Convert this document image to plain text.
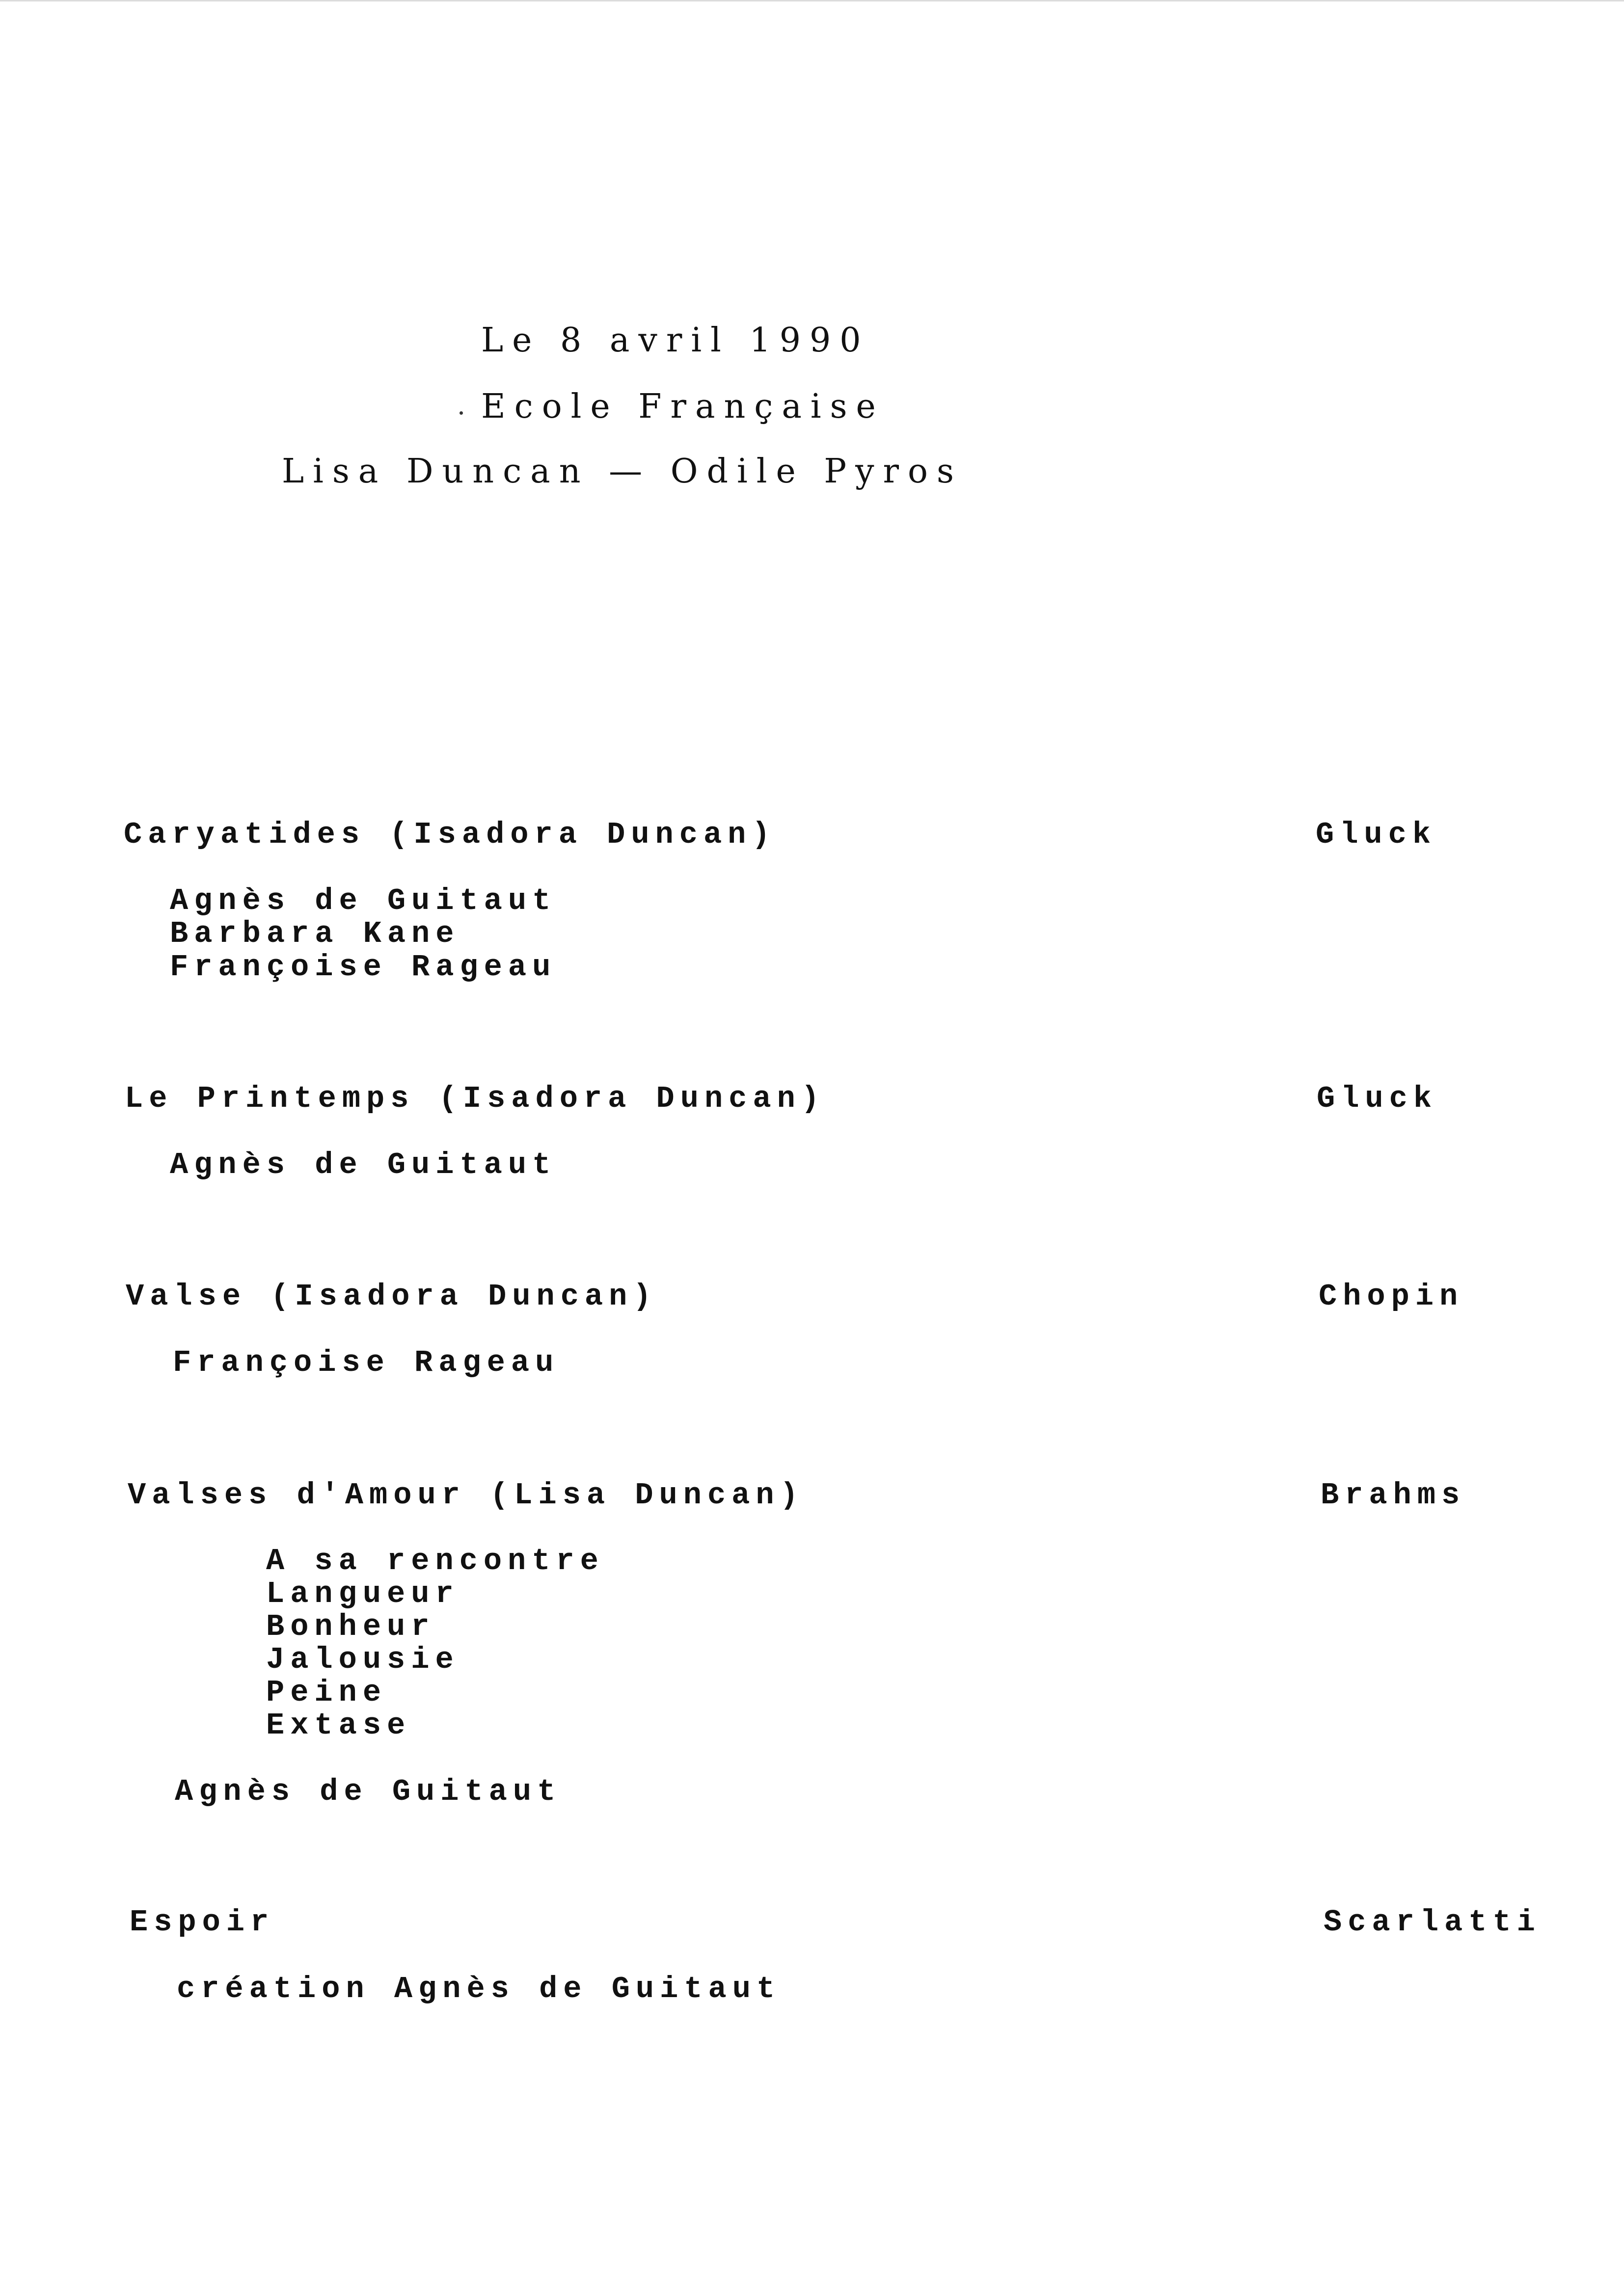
Le 8 avril 1990
Ecole Française
Lisa Duncan — Odile Pyros
Caryatides (Isadora Duncan)	Gluck
Agnès de Guitaut
Barbara Kane
Françoise Rageau
Le Printemps (Isadora Duncan)	Gluck
Agnès de Guitaut
Valse (Isadora Duncan)	Chopin
Françoise Rageau
Valses d'Amour (Lisa Duncan)	Brahms
A sa rencontre
Langueur
Bonheur
Jalousie
Peine
Extase
Agnès de Guitaut
Espoir	Scarlatti
création Agnès de Guitaut
